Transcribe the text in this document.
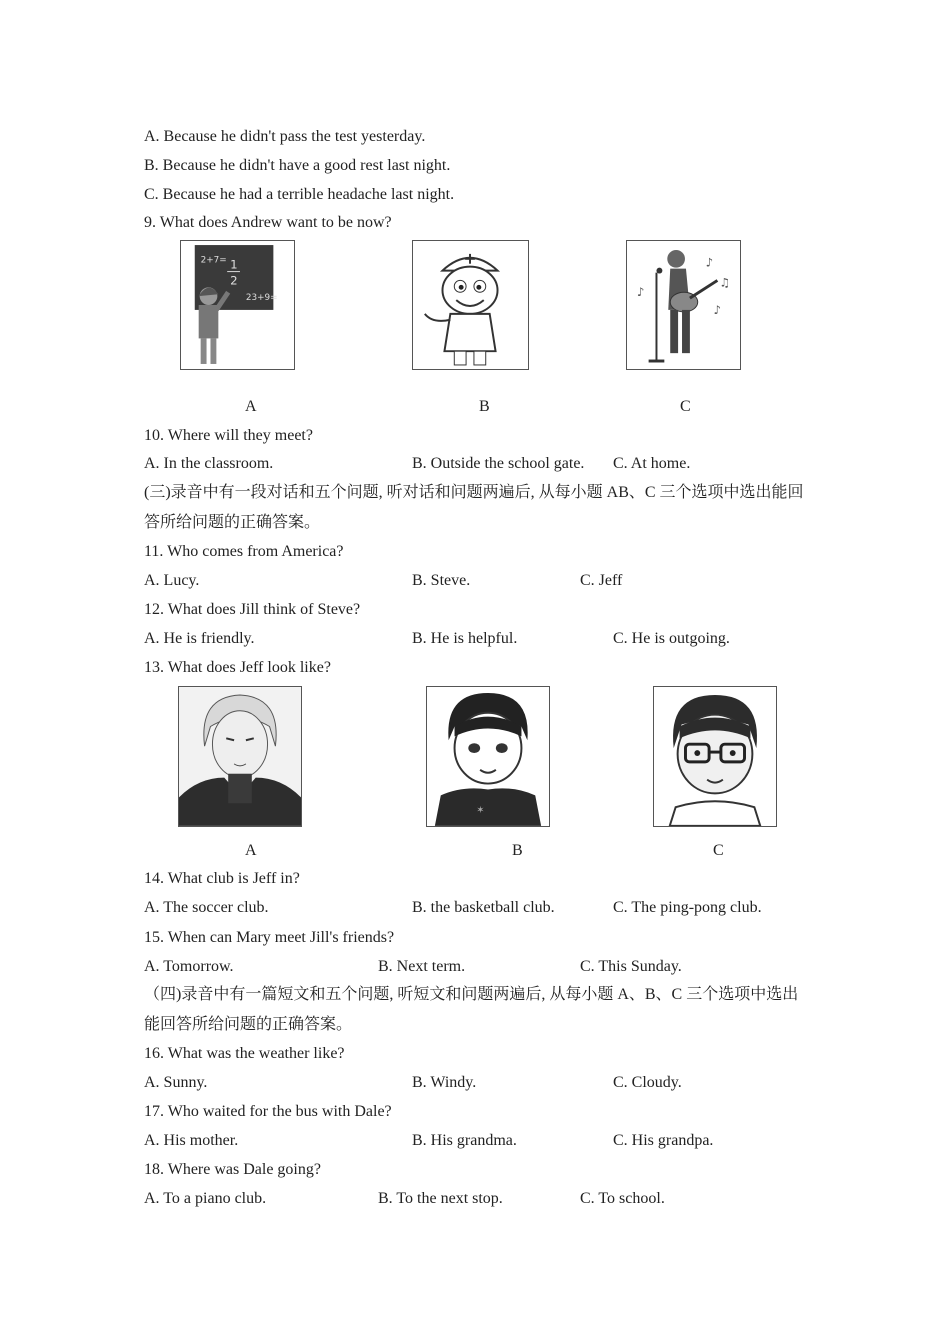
A. Because he didn't pass the test yesterday.
B. Because he didn't have a good rest last night.
C. Because he had a terrible headache last night.
9. What does Andrew want to be now?
2+7= 1
2
23+9=
♪
♫
♪
♪
A	B	C
10. Where will they meet?
A. In the classroom.	B. Outside the school gate. C. At home.
(三)录音中有一段对话和五个问题, 听对话和问题两遍后, 从每小题 AB、C 三个选项中选出能回答所给问题的正确答案。
11. Who comes from America?
A. Lucy.	B. Steve.	C. Jeff
12. What does Jill think of Steve?
A. He is friendly.	B. He is helpful.	C. He is outgoing.
13. What does Jeff look like?
✶
A	B	C
14. What club is Jeff in?
A. The soccer club.	B. the basketball club.	C. The ping-pong club.
15. When can Mary meet Jill's friends?
A. Tomorrow.	B. Next term.	C. This Sunday.
（四)录音中有一篇短文和五个问题, 听短文和问题两遍后, 从每小题 A、B、C 三个选项中选出能回答所给问题的正确答案。
16. What was the weather like?
A. Sunny.	B. Windy.	C. Cloudy.
17. Who waited for the bus with Dale?
A. His mother.	B. His grandma.	C. His grandpa.
18. Where was Dale going?
A. To a piano club.	B. To the next stop.	C. To school.
